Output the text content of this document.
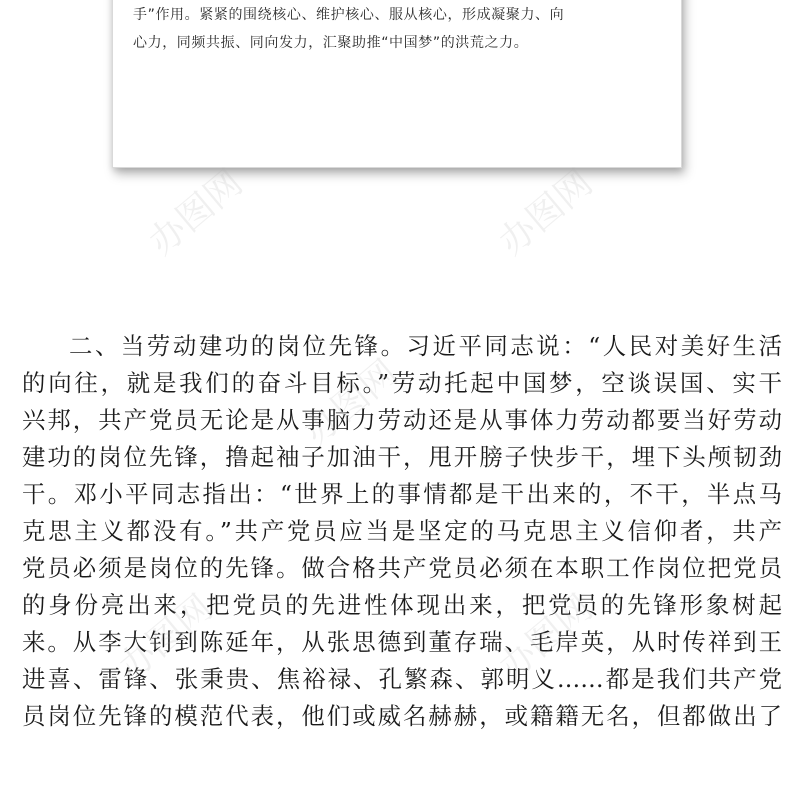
手”作用。紧紧的围绕核心、维护核心、服从核心，形成凝聚力、向
心力，同频共振、同向发力，汇聚助推“中国梦”的洪荒之力。
二、当劳动建功的岗位先锋。习近平同志说：“人民对美好生活
的向往，就是我们的奋斗目标。”劳动托起中国梦，空谈误国、实干
兴邦，共产党员无论是从事脑力劳动还是从事体力劳动都要当好劳动
建功的岗位先锋，撸起袖子加油干，甩开膀子快步干，埋下头颅韧劲
干。邓小平同志指出：“世界上的事情都是干出来的，不干，半点马
克思主义都没有。”共产党员应当是坚定的马克思主义信仰者，共产
党员必须是岗位的先锋。做合格共产党员必须在本职工作岗位把党员
的身份亮出来，把党员的先进性体现出来，把党员的先锋形象树起
来。从李大钊到陈延年，从张思德到董存瑞、毛岸英，从时传祥到王
进喜、雷锋、张秉贵、焦裕禄、孔繁森、郭明义……都是我们共产党
员岗位先锋的模范代表，他们或威名赫赫，或籍籍无名，但都做出了
办图网	办图网
办图网
办图网	办图网
